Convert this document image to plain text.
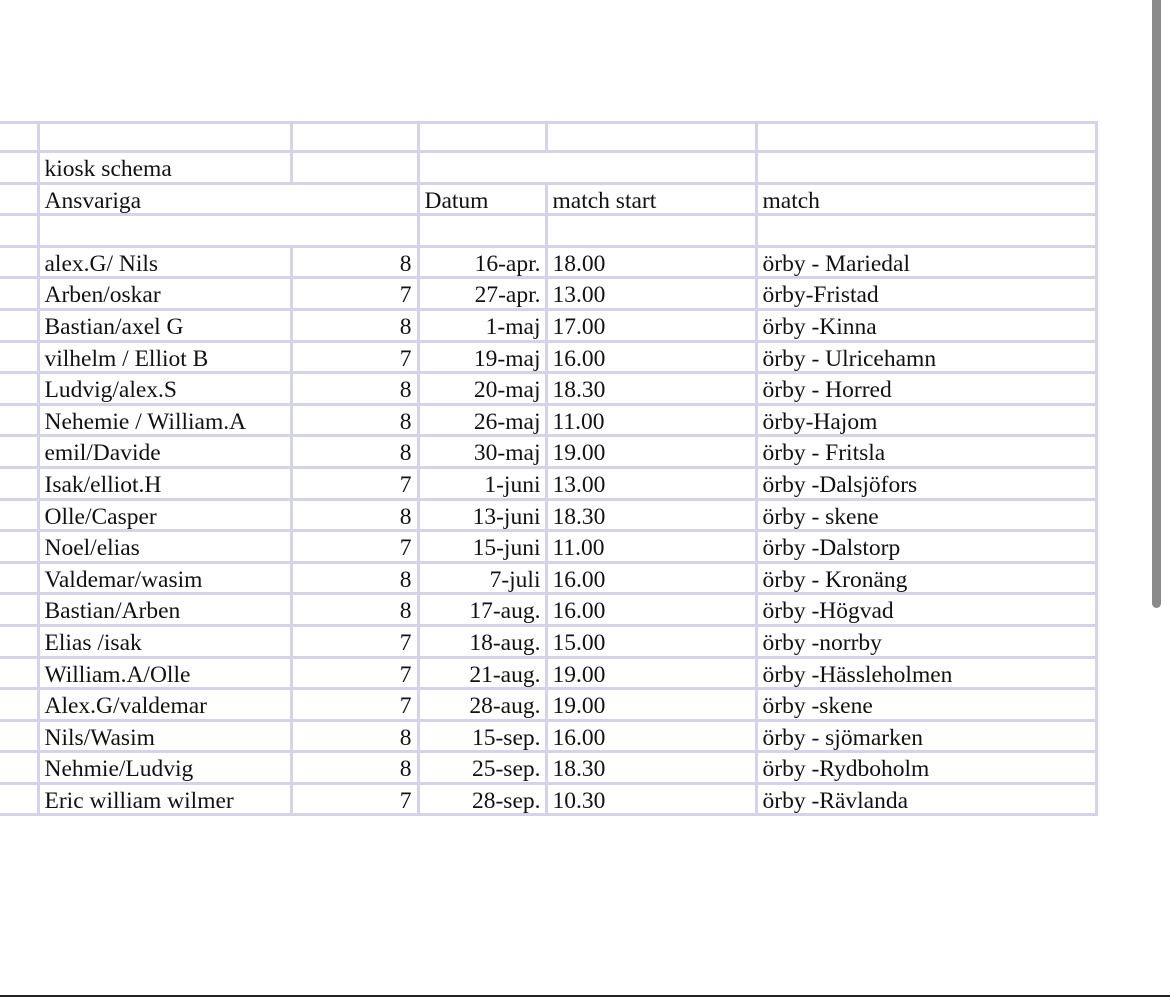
	kiosk schema				
	Ansvariga		Datum	match start	match

	alex.G/ Nils	8	16-apr.	18.00	örby - Mariedal
	Arben/oskar	7	27-apr.	13.00	örby-Fristad
	Bastian/axel G	8	1-maj	17.00	örby -Kinna
	vilhelm / Elliot B	7	19-maj	16.00	örby - Ulricehamn
	Ludvig/alex.S	8	20-maj	18.30	örby - Horred
	Nehemie / William.A	8	26-maj	11.00	örby-Hajom
	emil/Davide	8	30-maj	19.00	örby - Fritsla
	Isak/elliot.H	7	1-juni	13.00	örby -Dalsjöfors
	Olle/Casper	8	13-juni	18.30	örby - skene
	Noel/elias	7	15-juni	11.00	örby -Dalstorp
	Valdemar/wasim	8	7-juli	16.00	örby - Kronäng
	Bastian/Arben	8	17-aug.	16.00	örby -Högvad
	Elias /isak	7	18-aug.	15.00	örby -norrby
	William.A/Olle	7	21-aug.	19.00	örby -Hässleholmen
	Alex.G/valdemar	7	28-aug.	19.00	örby -skene
	Nils/Wasim	8	15-sep.	16.00	örby - sjömarken
	Nehmie/Ludvig	8	25-sep.	18.30	örby -Rydboholm
	Eric william wilmer	7	28-sep.	10.30	örby -Rävlanda
